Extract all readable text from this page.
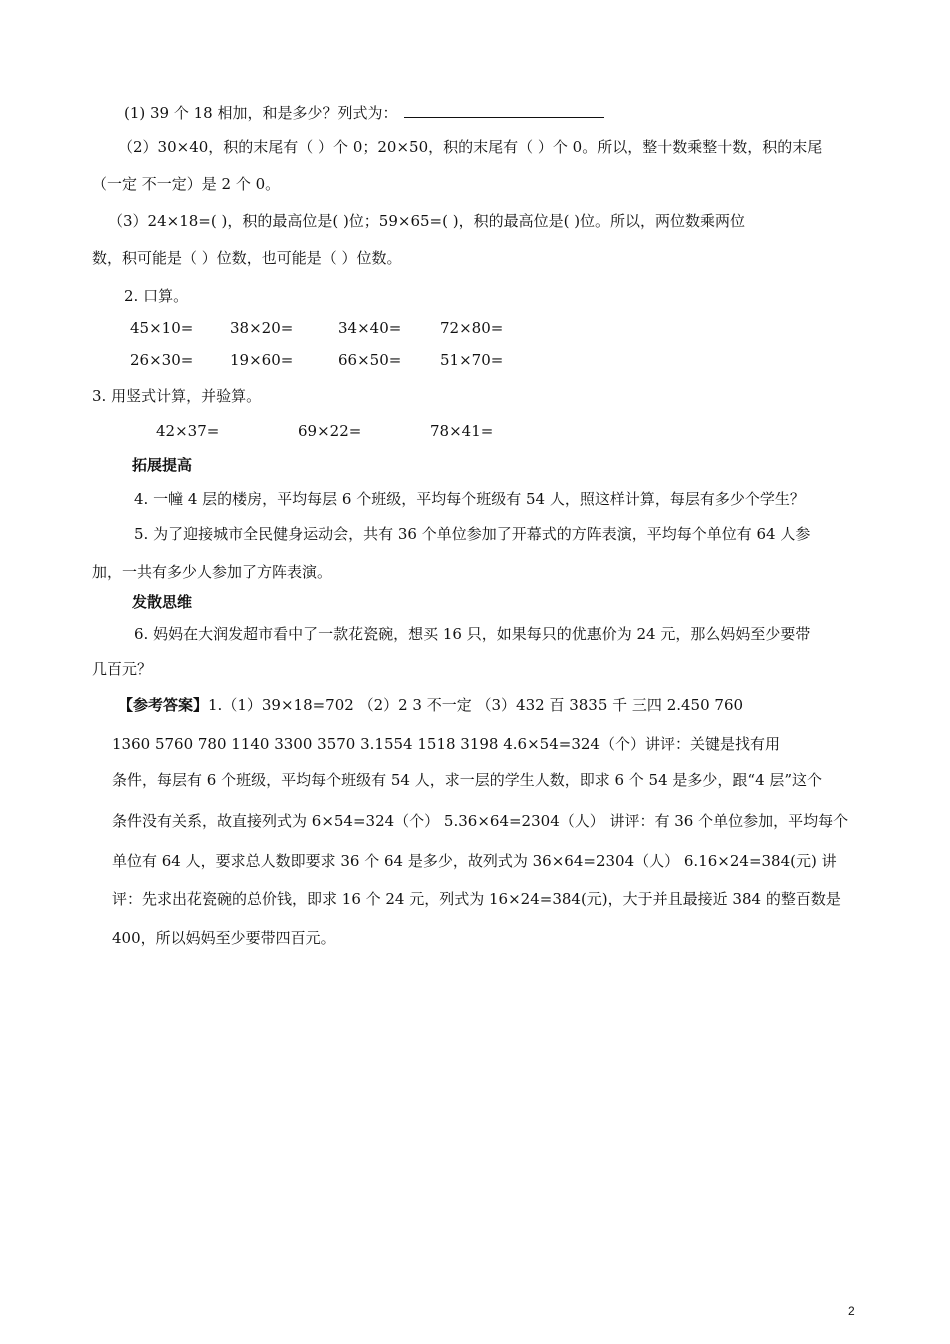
(1) 39 个 18 相加，和是多少？列式为：
（2）30×40，积的末尾有（ ）个 0；20×50，积的末尾有（ ）个 0。所以，整十数乘整十数，积的末尾
（一定 不一定）是 2 个 0。
（3）24×18=( )，积的最高位是( )位；59×65=( )，积的最高位是( )位。所以，两位数乘两位
数，积可能是（ ）位数，也可能是（ ）位数。
2. 口算。
45×10= 38×20=	34×40=	72×80=
26×30= 19×60=	66×50=	51×70=
3. 用竖式计算，并验算。
42×37=	69×22=	78×41=
拓展提高
4. 一幢 4 层的楼房，平均每层 6 个班级，平均每个班级有 54 人，照这样计算，每层有多少个学生？
5. 为了迎接城市全民健身运动会，共有 36 个单位参加了开幕式的方阵表演，平均每个单位有 64 人参
加，一共有多少人参加了方阵表演。
发散思维
6. 妈妈在大润发超市看中了一款花瓷碗，想买 16 只，如果每只的优惠价为 24 元，那么妈妈至少要带
几百元？
【参考答案】1.（1）39×18=702 （2）2 3 不一定 （3）432 百 3835 千 三四 2.450 760
1360 5760 780 1140 3300 3570 3.1554 1518 3198 4.6×54=324（个）讲评：关键是找有用
条件，每层有 6 个班级，平均每个班级有 54 人，求一层的学生人数，即求 6 个 54 是多少，跟“4 层”这个
条件没有关系，故直接列式为 6×54=324（个） 5.36×64=2304（人） 讲评：有 36 个单位参加，平均每个
单位有 64 人，要求总人数即要求 36 个 64 是多少，故列式为 36×64=2304（人） 6.16×24=384(元) 讲
评：先求出花瓷碗的总价钱，即求 16 个 24 元，列式为 16×24=384(元)，大于并且最接近 384 的整百数是
400，所以妈妈至少要带四百元。
2
